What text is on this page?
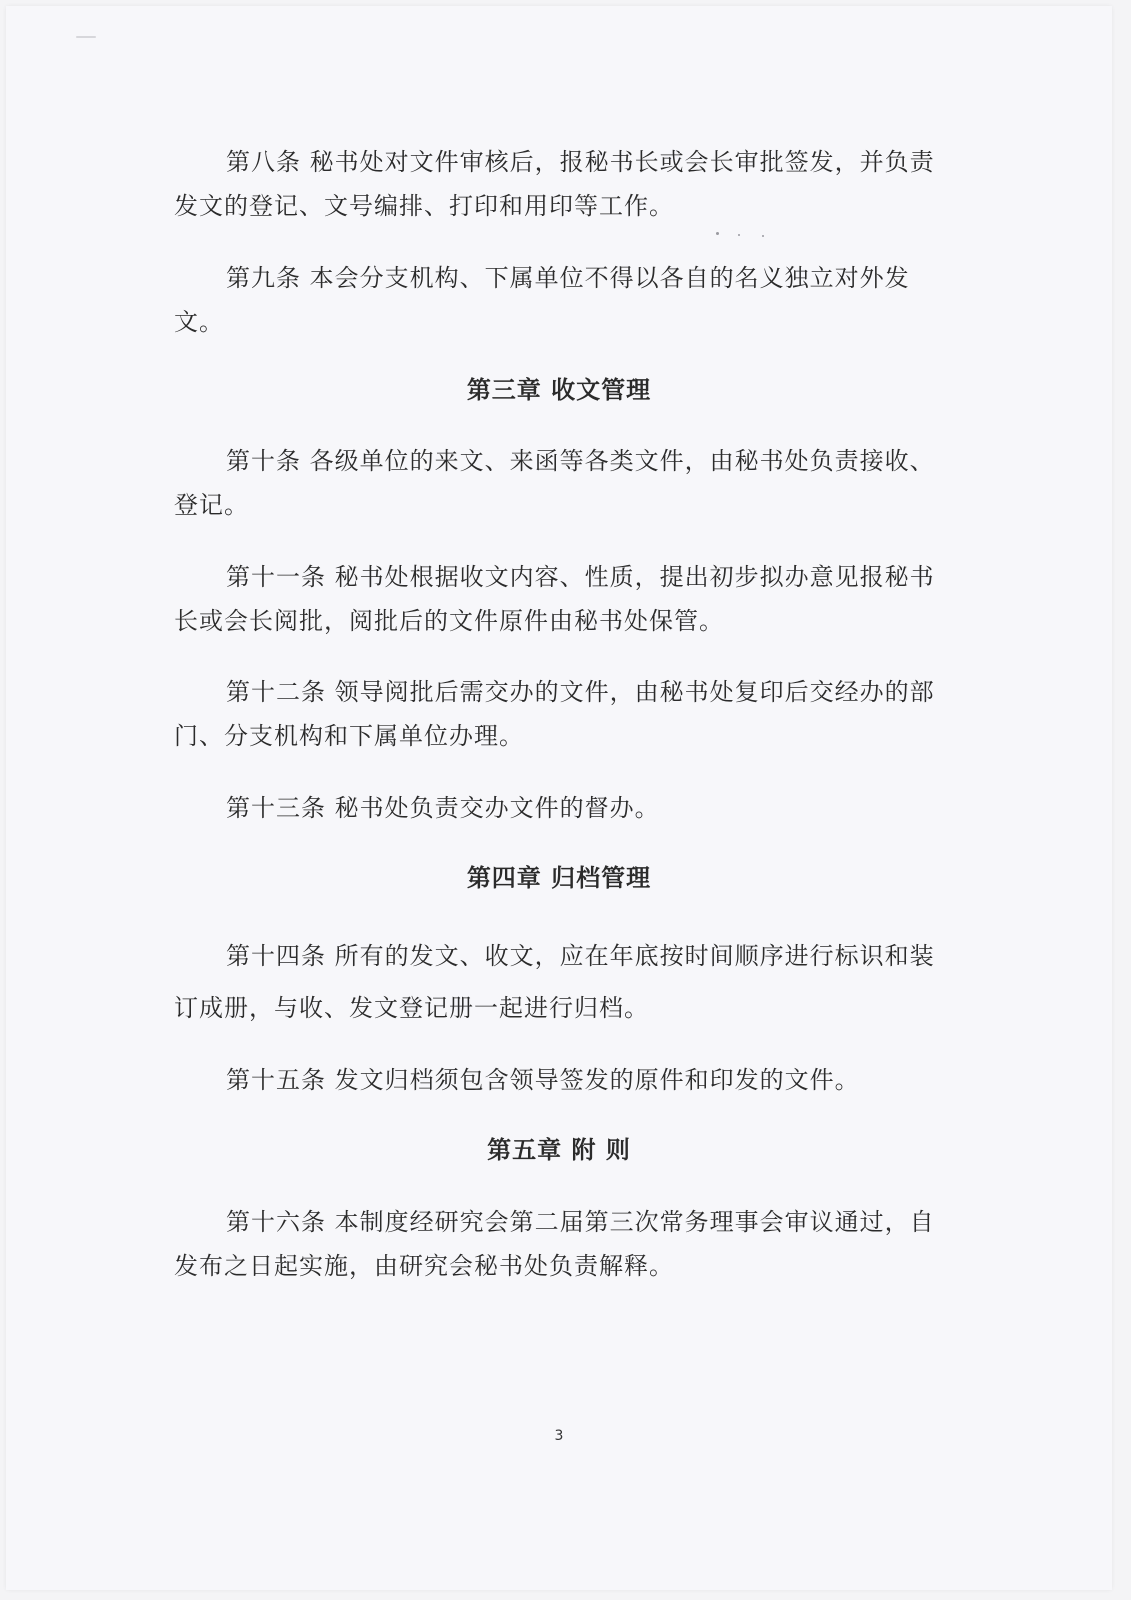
第八条 秘书处对文件审核后，报秘书长或会长审批签发，并负责发文的登记、文号编排、打印和用印等工作。

第九条 本会分支机构、下属单位不得以各自的名义独立对外发文。

第三章 收文管理

第十条 各级单位的来文、来函等各类文件，由秘书处负责接收、登记。

第十一条 秘书处根据收文内容、性质，提出初步拟办意见报秘书长或会长阅批，阅批后的文件原件由秘书处保管。

第十二条 领导阅批后需交办的文件，由秘书处复印后交经办的部门、分支机构和下属单位办理。

第十三条 秘书处负责交办文件的督办。

第四章 归档管理

第十四条 所有的发文、收文，应在年底按时间顺序进行标识和装订成册，与收、发文登记册一起进行归档。

第十五条 发文归档须包含领导签发的原件和印发的文件。

第五章 附 则

第十六条 本制度经研究会第二届第三次常务理事会审议通过，自发布之日起实施，由研究会秘书处负责解释。

3
